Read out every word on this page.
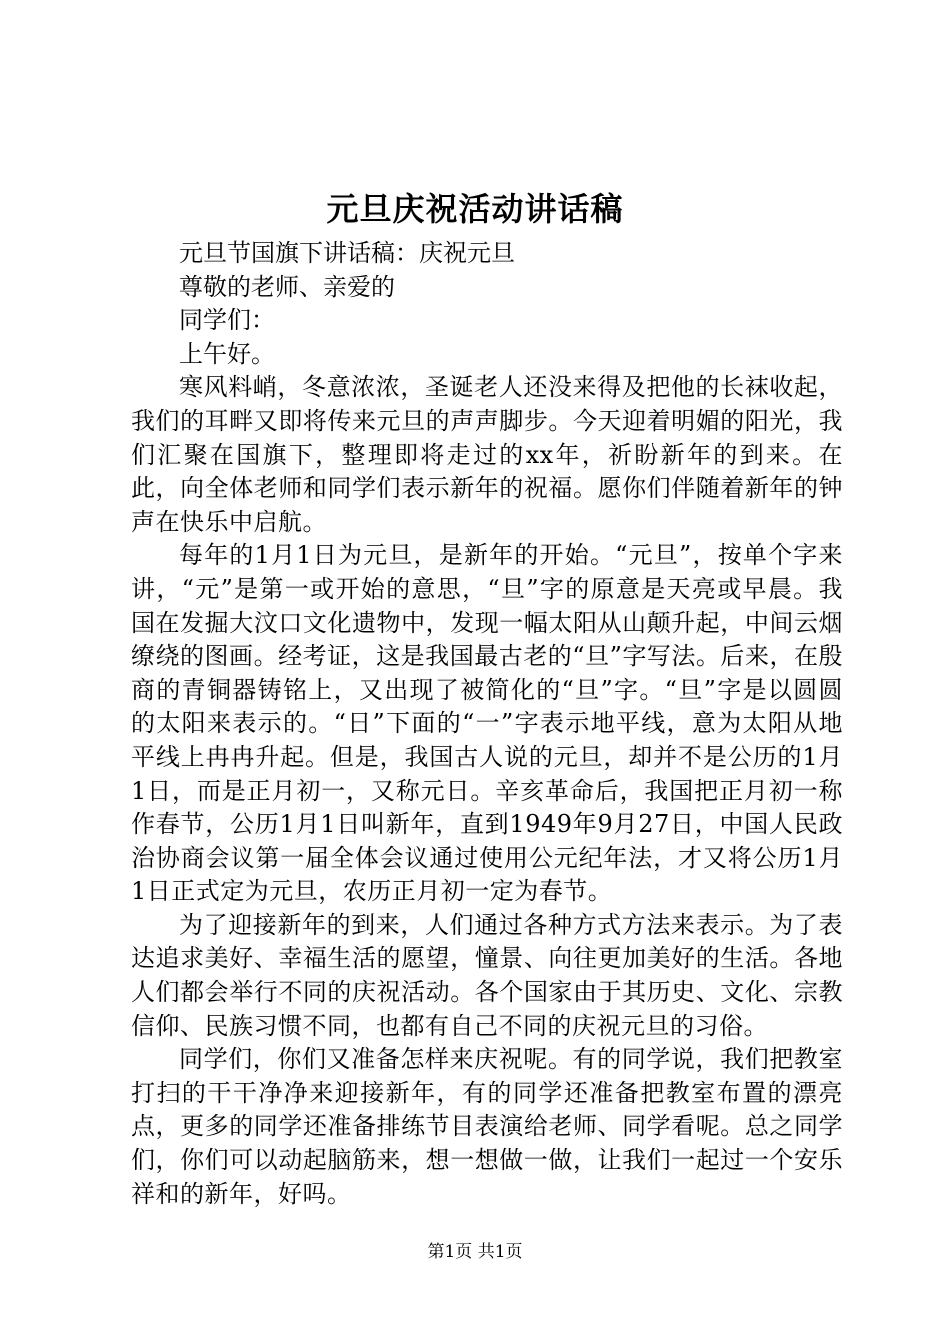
元旦庆祝活动讲话稿

元旦节国旗下讲话稿：庆祝元旦

尊敬的老师、亲爱的

同学们：

上午好。

寒风料峭，冬意浓浓，圣诞老人还没来得及把他的长袜收起，我们的耳畔又即将传来元旦的声声脚步。今天迎着明媚的阳光，我们汇聚在国旗下，整理即将走过的xx年，祈盼新年的到来。在此，向全体老师和同学们表示新年的祝福。愿你们伴随着新年的钟声在快乐中启航。

每年的1月1日为元旦，是新年的开始。“元旦”，按单个字来讲，“元”是第一或开始的意思，“旦”字的原意是天亮或早晨。我国在发掘大汶口文化遗物中，发现一幅太阳从山颠升起，中间云烟缭绕的图画。经考证，这是我国最古老的“旦”字写法。后来，在殷商的青铜器铸铭上，又出现了被简化的“旦”字。“旦”字是以圆圆的太阳来表示的。“日”下面的“一”字表示地平线，意为太阳从地平线上冉冉升起。但是，我国古人说的元旦，却并不是公历的1月1日，而是正月初一，又称元日。辛亥革命后，我国把正月初一称作春节，公历1月1日叫新年，直到1949年9月27日，中国人民政治协商会议第一届全体会议通过使用公元纪年法，才又将公历1月1日正式定为元旦，农历正月初一定为春节。

为了迎接新年的到来，人们通过各种方式方法来表示。为了表达追求美好、幸福生活的愿望，憧景、向往更加美好的生活。各地人们都会举行不同的庆祝活动。各个国家由于其历史、文化、宗教信仰、民族习惯不同，也都有自己不同的庆祝元旦的习俗。

同学们，你们又准备怎样来庆祝呢。有的同学说，我们把教室打扫的干干净净来迎接新年，有的同学还准备把教室布置的漂亮点，更多的同学还准备排练节目表演给老师、同学看呢。总之同学们，你们可以动起脑筋来，想一想做一做，让我们一起过一个安乐祥和的新年，好吗。

第1页 共1页
